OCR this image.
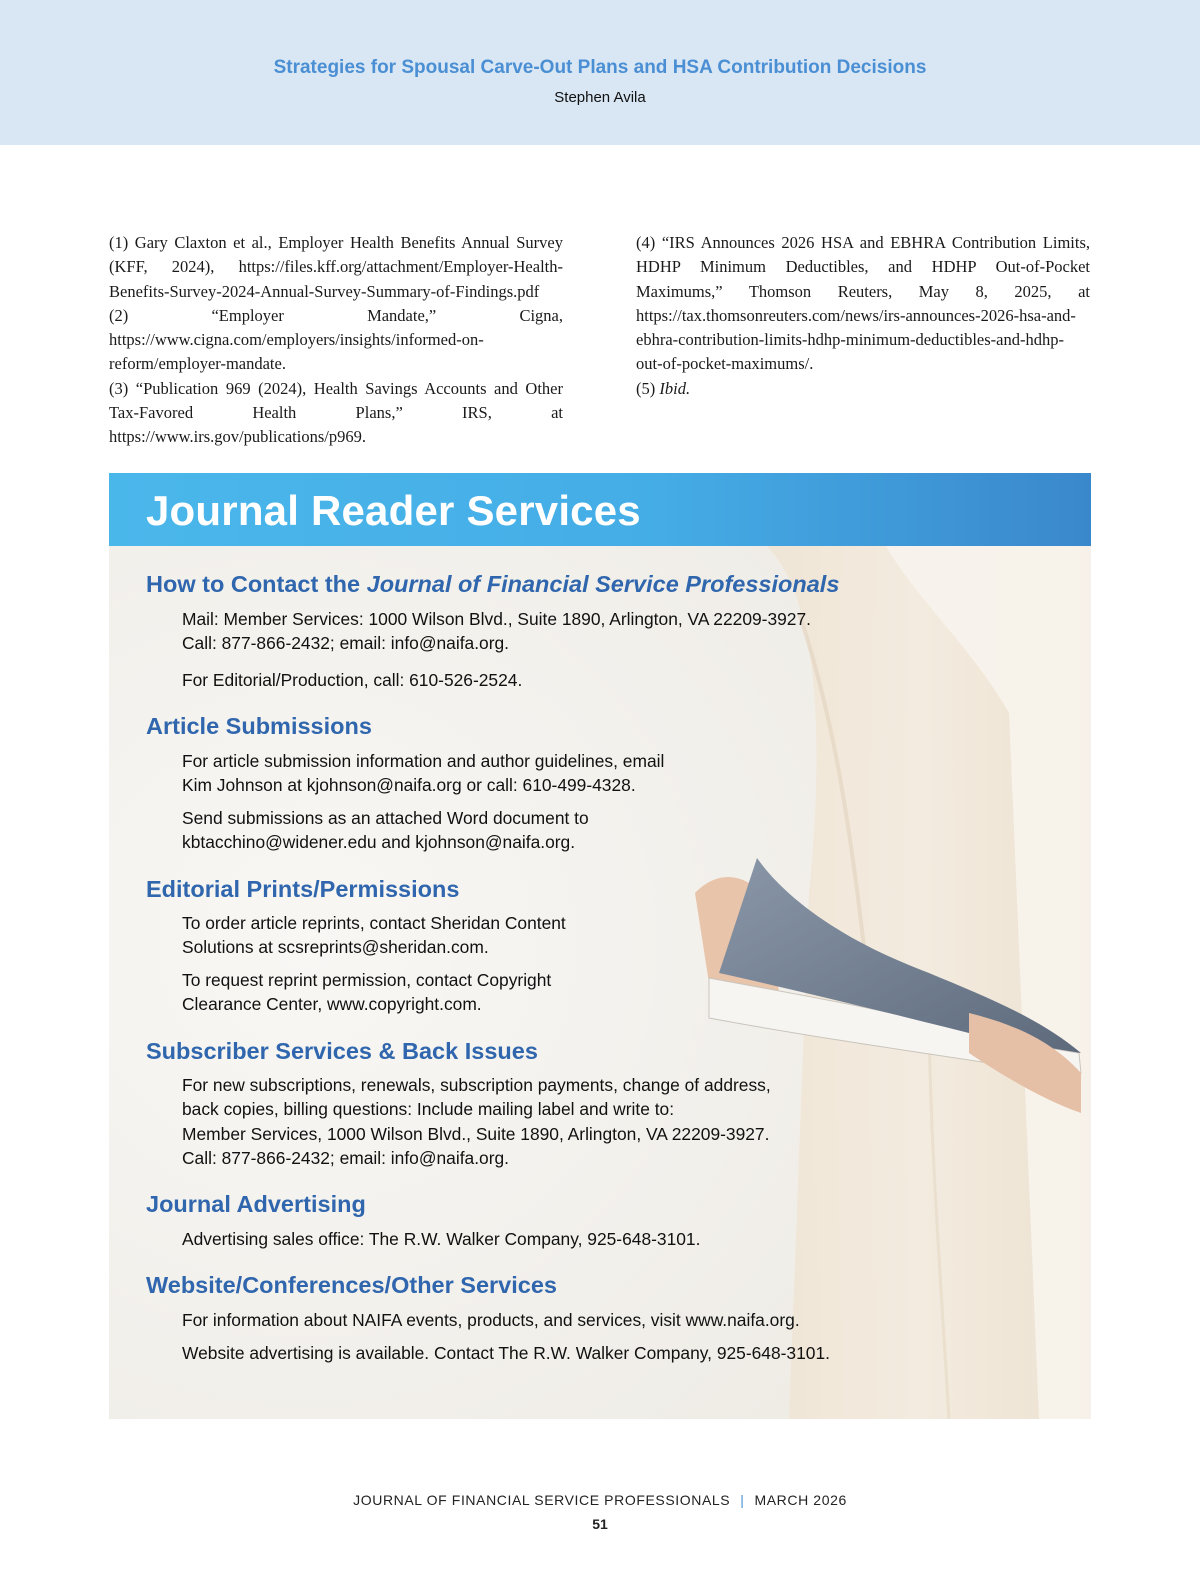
Strategies for Spousal Carve-Out Plans and HSA Contribution Decisions
Stephen Avila
(1) Gary Claxton et al., Employer Health Benefits Annual Survey (KFF, 2024), https://files.kff.org/attachment/Employer-Health-Benefits-Survey-2024-Annual-Survey-Summary-of-Findings.pdf
(2) “Employer Mandate,” Cigna, https://www.cigna.com/employers/insights/informed-on-reform/employer-mandate.
(3) “Publication 969 (2024), Health Savings Accounts and Other Tax-Favored Health Plans,” IRS, at https://www.irs.gov/publications/p969.
(4) “IRS Announces 2026 HSA and EBHRA Contribution Limits, HDHP Minimum Deductibles, and HDHP Out-of-Pocket Maximums,” Thomson Reuters, May 8, 2025, at https://tax.thomsonreuters.com/news/irs-announces-2026-hsa-and-ebhra-contribution-limits-hdhp-minimum-deductibles-and-hdhp-out-of-pocket-maximums/.
(5) Ibid.
Journal Reader Services
How to Contact the Journal of Financial Service Professionals
Mail: Member Services: 1000 Wilson Blvd., Suite 1890, Arlington, VA 22209-3927.
Call: 877-866-2432; email: info@naifa.org.
For Editorial/Production, call: 610-526-2524.
Article Submissions
For article submission information and author guidelines, email
Kim Johnson at kjohnson@naifa.org or call: 610-499-4328.
Send submissions as an attached Word document to
kbtacchino@widener.edu and kjohnson@naifa.org.
Editorial Prints/Permissions
To order article reprints, contact Sheridan Content
Solutions at scsreprints@sheridan.com.
To request reprint permission, contact Copyright
Clearance Center, www.copyright.com.
Subscriber Services & Back Issues
For new subscriptions, renewals, subscription payments, change of address,
back copies, billing questions: Include mailing label and write to:
Member Services, 1000 Wilson Blvd., Suite 1890, Arlington, VA 22209-3927.
Call: 877-866-2432; email: info@naifa.org.
Journal Advertising
Advertising sales office: The R.W. Walker Company, 925-648-3101.
Website/Conferences/Other Services
For information about NAIFA events, products, and services, visit www.naifa.org.
Website advertising is available. Contact The R.W. Walker Company, 925-648-3101.
JOURNAL OF FINANCIAL SERVICE PROFESSIONALS | MARCH 2026
51
